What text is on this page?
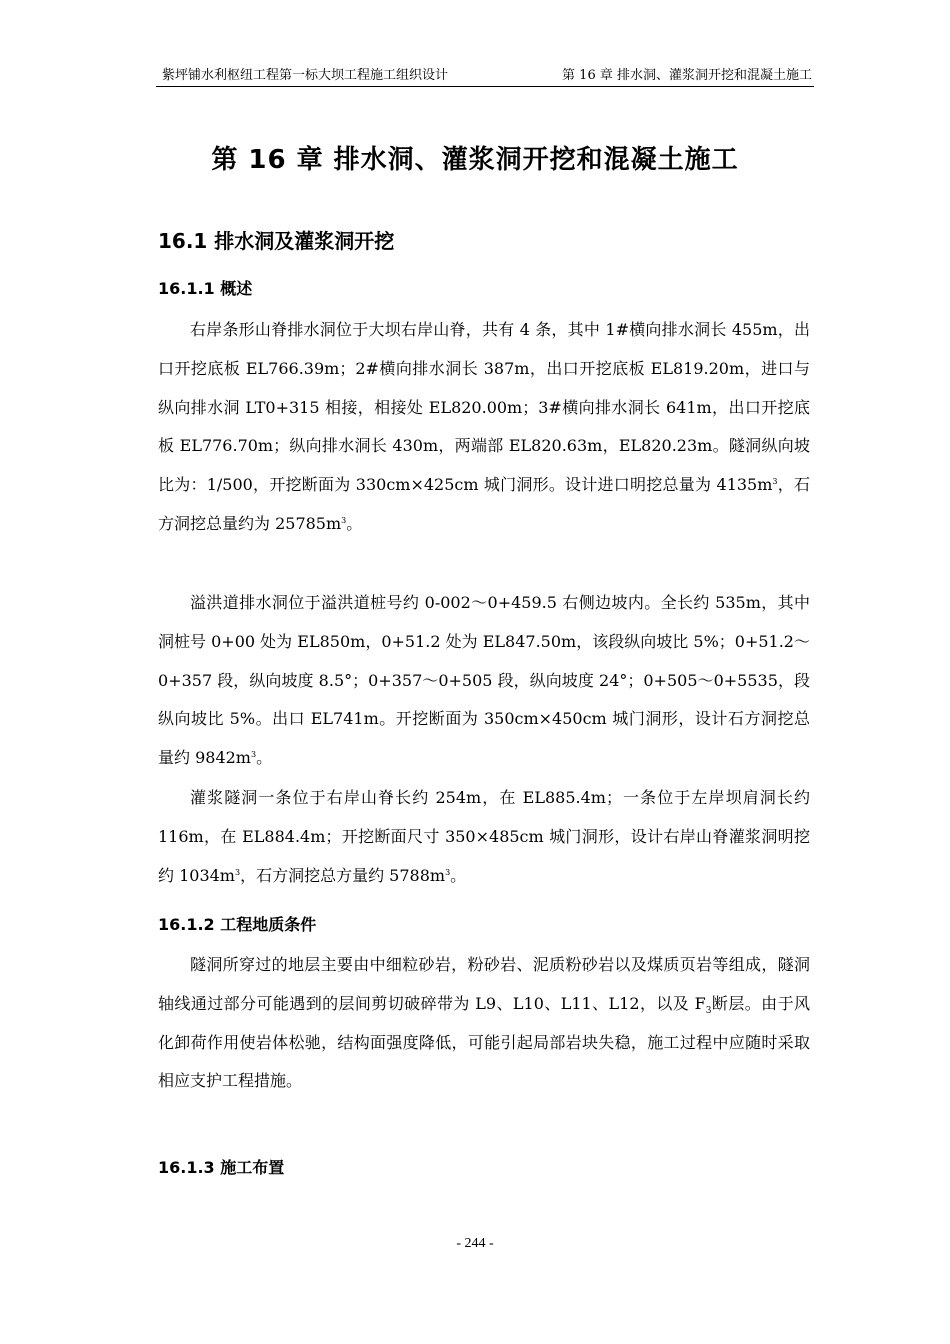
紫坪铺水利枢纽工程第一标大坝工程施工组织设计	第 16 章 排水洞、灌浆洞开挖和混凝土施工
第 16 章 排水洞、灌浆洞开挖和混凝土施工
16.1 排水洞及灌浆洞开挖
16.1.1 概述
右岸条形山脊排水洞位于大坝右岸山脊，共有 4 条，其中 1#横向排水洞长 455m，出口开挖底板 EL766.39m；2#横向排水洞长 387m，出口开挖底板 EL819.20m，进口与纵向排水洞 LT0+315 相接，相接处 EL820.00m；3#横向排水洞长 641m，出口开挖底板 EL776.70m；纵向排水洞长 430m，两端部 EL820.63m，EL820.23m。隧洞纵向坡比为：1/500，开挖断面为 330cm×425cm 城门洞形。设计进口明挖总量为 $4135m^3$，石方洞挖总量约为 $25785m^3$。
溢洪道排水洞位于溢洪道桩号约 0-002～0+459.5 右侧边坡内。全长约 535m，其中洞桩号 0+00 处为 EL850m，0+51.2 处为 EL847.50m，该段纵向坡比 5%；0+51.2～0+357 段，纵向坡度 8.5°；0+357～0+505 段，纵向坡度 24°；0+505～0+5535，段纵向坡比 5%。出口 EL741m。开挖断面为 350cm×450cm 城门洞形，设计石方洞挖总量约 $9842m^3$。
灌浆隧洞一条位于右岸山脊长约 254m，在 EL885.4m；一条位于左岸坝肩洞长约 116m，在 EL884.4m；开挖断面尺寸 350×485cm 城门洞形，设计右岸山脊灌浆洞明挖约 $1034m^3$，石方洞挖总方量约 $5788m^3$。
16.1.2 工程地质条件
隧洞所穿过的地层主要由中细粒砂岩，粉砂岩、泥质粉砂岩以及煤质页岩等组成，隧洞轴线通过部分可能遇到的层间剪切破碎带为 L9、L10、L11、L12，以及 $F_3$断层。由于风化卸荷作用使岩体松驰，结构面强度降低，可能引起局部岩块失稳，施工过程中应随时采取相应支护工程措施。
16.1.3 施工布置
- 244 -
